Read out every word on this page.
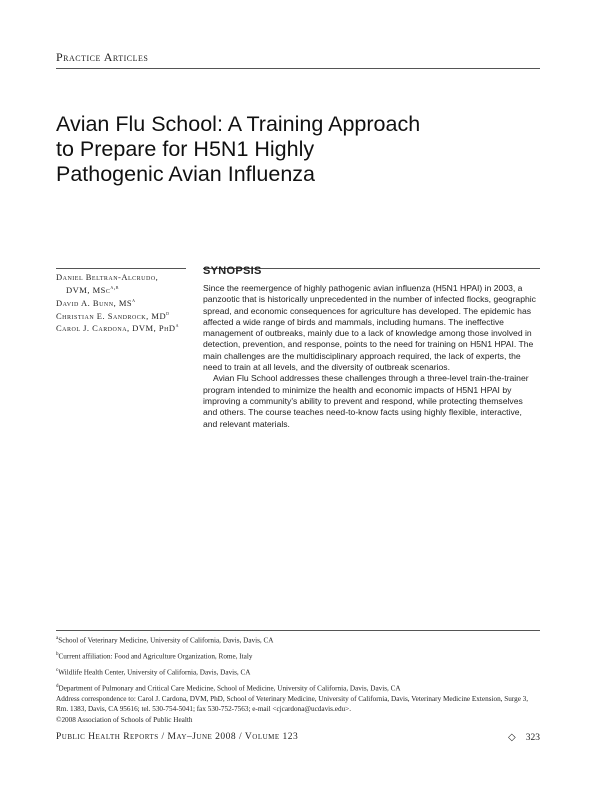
Practice Articles
Avian Flu School: A Training Approach
to Prepare for H5N1 Highly
Pathogenic Avian Influenza
Daniel Beltran-Alcrudo,
DVM, MSc$^{a,b}$
David A. Bunn, $MS^a$
Christian E. Sandrock, $MD^d$
Carol J. Cardona, DVM, PhD$^a$
SYNOPSIS

Since the reemergence of highly pathogenic avian influenza (H5N1 HPAI) in 2003, a panzootic that is historically unprecedented in the number of infected flocks, geographic spread, and economic consequences for agriculture has developed. The epidemic has affected a wide range of birds and mammals, including humans. The ineffective management of outbreaks, mainly due to a lack of knowledge among those involved in detection, prevention, and response, points to the need for training on H5N1 HPAI. The main challenges are the multidisciplinary approach required, the lack of experts, the need to train at all levels, and the diversity of outbreak scenarios.

Avian Flu School addresses these challenges through a three-level train-the-trainer program intended to minimize the health and economic impacts of H5N1 HPAI by improving a community's ability to prevent and respond, while protecting themselves and others. The course teaches need-to-know facts using highly flexible, interactive, and relevant materials.

$^a$School of Veterinary Medicine, University of California, Davis, Davis, CA

$^b$Current affiliation: Food and Agriculture Organization, Rome, Italy

$^c$Wildlife Health Center, University of California, Davis, Davis, CA

$^d$Department of Pulmonary and Critical Care Medicine, School of Medicine, University of California, Davis, Davis, CA

Address correspondence to: Carol J. Cardona, DVM, PhD, School of Veterinary Medicine, University of California, Davis, Veterinary Medicine Extension, Surge 3, Rm. 1383, Davis, CA 95616; tel. 530-754-5041; fax 530-752-7563; e-mail <cjcardona@ucdavis.edu>.

©2008 Association of Schools of Public Health

Public Health Reports / May–June 2008 / Volume 123	◇ 323
